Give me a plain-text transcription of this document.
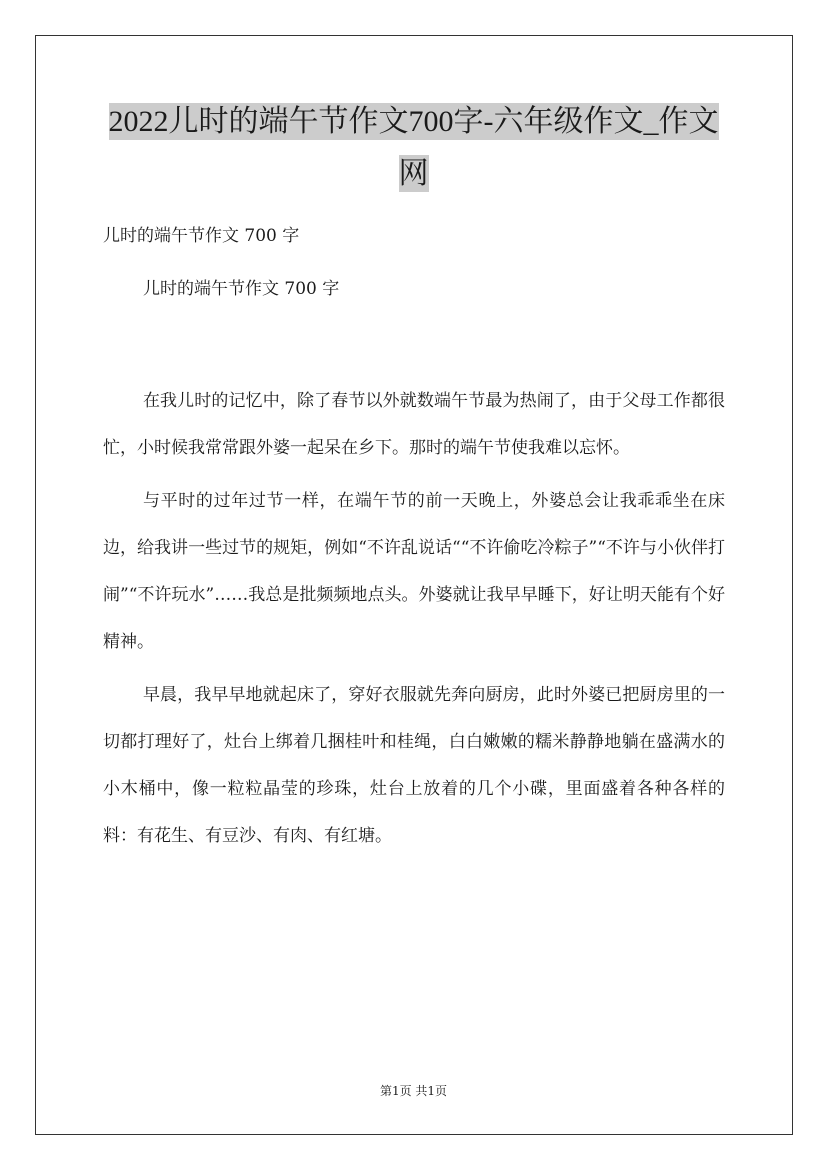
2022儿时的端午节作文700字-六年级作文_作文网
儿时的端午节作文 700 字
儿时的端午节作文 700 字

在我儿时的记忆中，除了春节以外就数端午节最为热闹了，由于父母工作都很忙，小时候我常常跟外婆一起呆在乡下。那时的端午节使我难以忘怀。

与平时的过年过节一样，在端午节的前一天晚上，外婆总会让我乖乖坐在床边，给我讲一些过节的规矩，例如“不许乱说话““不许偷吃冷粽子”“不许与小伙伴打闹”“不许玩水”……我总是批频频地点头。外婆就让我早早睡下，好让明天能有个好精神。

早晨，我早早地就起床了，穿好衣服就先奔向厨房，此时外婆已把厨房里的一切都打理好了，灶台上绑着几捆桂叶和桂绳，白白嫩嫩的糯米静静地躺在盛满水的小木桶中，像一粒粒晶莹的珍珠，灶台上放着的几个小碟，里面盛着各种各样的料：有花生、有豆沙、有肉、有红塘。

第1页 共1页
